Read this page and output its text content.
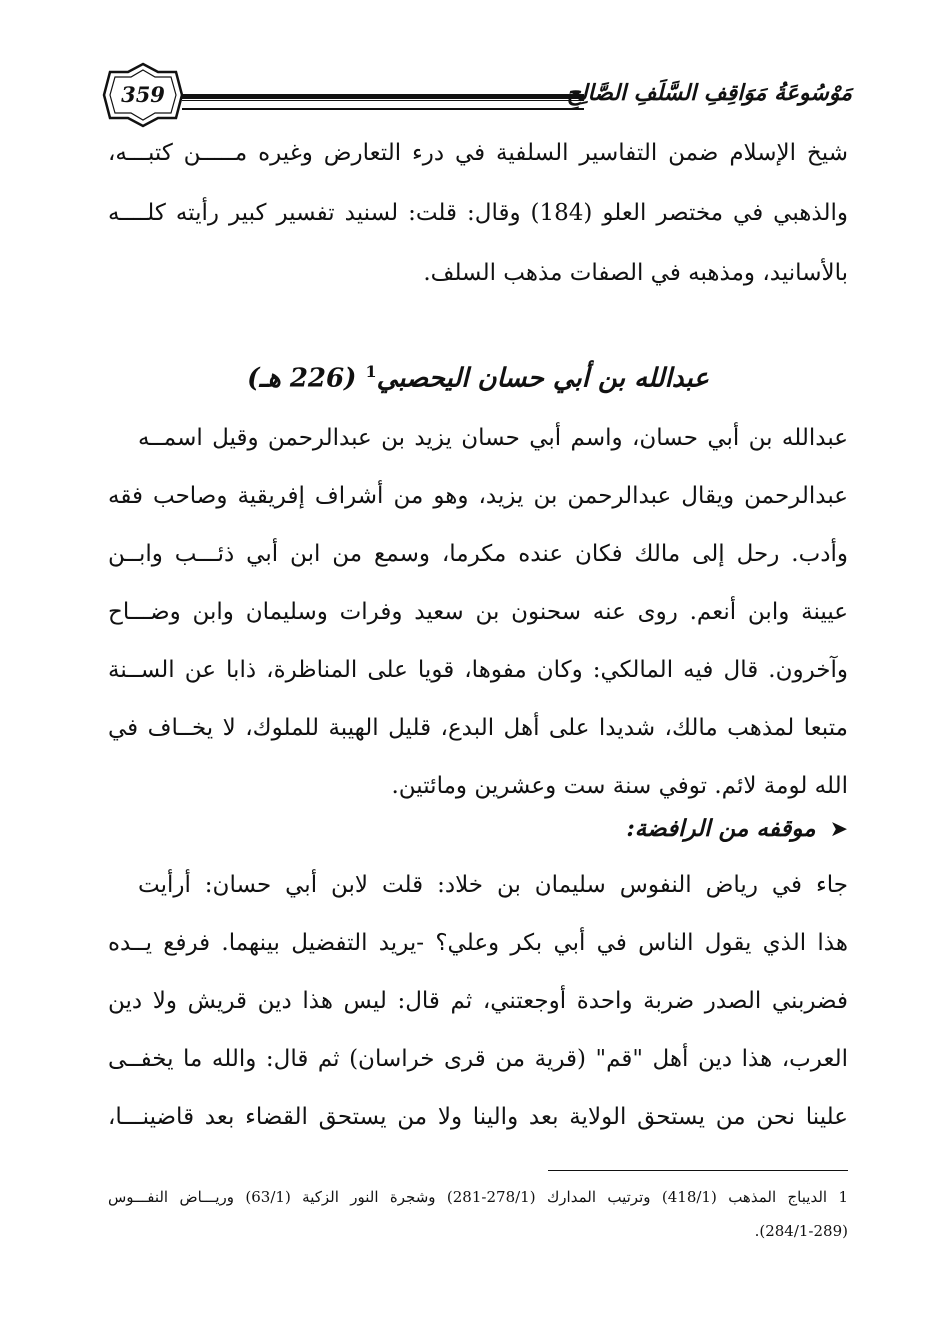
359	مَوْسُوعَةُ مَوَاقِفِ السَّلَفِ الصَّالِحِ
شيخ الإسلام ضمن التفاسير السلفية في درء التعارض وغيره مـــــن كتبـــه،
والذهبي في مختصر العلو (184) وقال: قلت: لسنيد تفسير كبير رأيته كلــــه
بالأسانيد، ومذهبه في الصفات مذهب السلف.
عبدالله بن أبي حسان اليحصبي$^1$ (226 هـ)
عبدالله بن أبي حسان، واسم أبي حسان يزيد بن عبدالرحمن وقيل اسمــه
عبدالرحمن ويقال عبدالرحمن بن يزيد، وهو من أشراف إفريقية وصاحب فقه
وأدب. رحل إلى مالك فكان عنده مكرما، وسمع من ابن أبي ذئـــب وابــن
عيينة وابن أنعم. روى عنه سحنون بن سعيد وفرات وسليمان وابن وضـــاح
وآخرون. قال فيه المالكي: وكان مفوها، قويا على المناظرة، ذابا عن الســنة
متبعا لمذهب مالك، شديدا على أهل البدع، قليل الهيبة للملوك، لا يخــاف في
الله لومة لائم. توفي سنة ست وعشرين ومائتين.
➤موقفه من الرافضة:
جاء في رياض النفوس سليمان بن خلاد: قلت لابن أبي حسان: أرأيت
هذا الذي يقول الناس في أبي بكر وعلي؟ -يريد التفضيل بينهما. فرفع يــده
فضربني الصدر ضربة واحدة أوجعتني، ثم قال: ليس هذا دين قريش ولا دين
العرب، هذا دين أهل "قم" (قرية من قرى خراسان) ثم قال: والله ما يخفــى
علينا نحن من يستحق الولاية بعد والينا ولا من يستحق القضاء بعد قاضينـــا،
1 الديباج المذهب (418/1) وترتيب المدارك (278/1-281) وشجرة النور الزكية (63/1) وريـــاض النفـــوس
(284/1-289).
